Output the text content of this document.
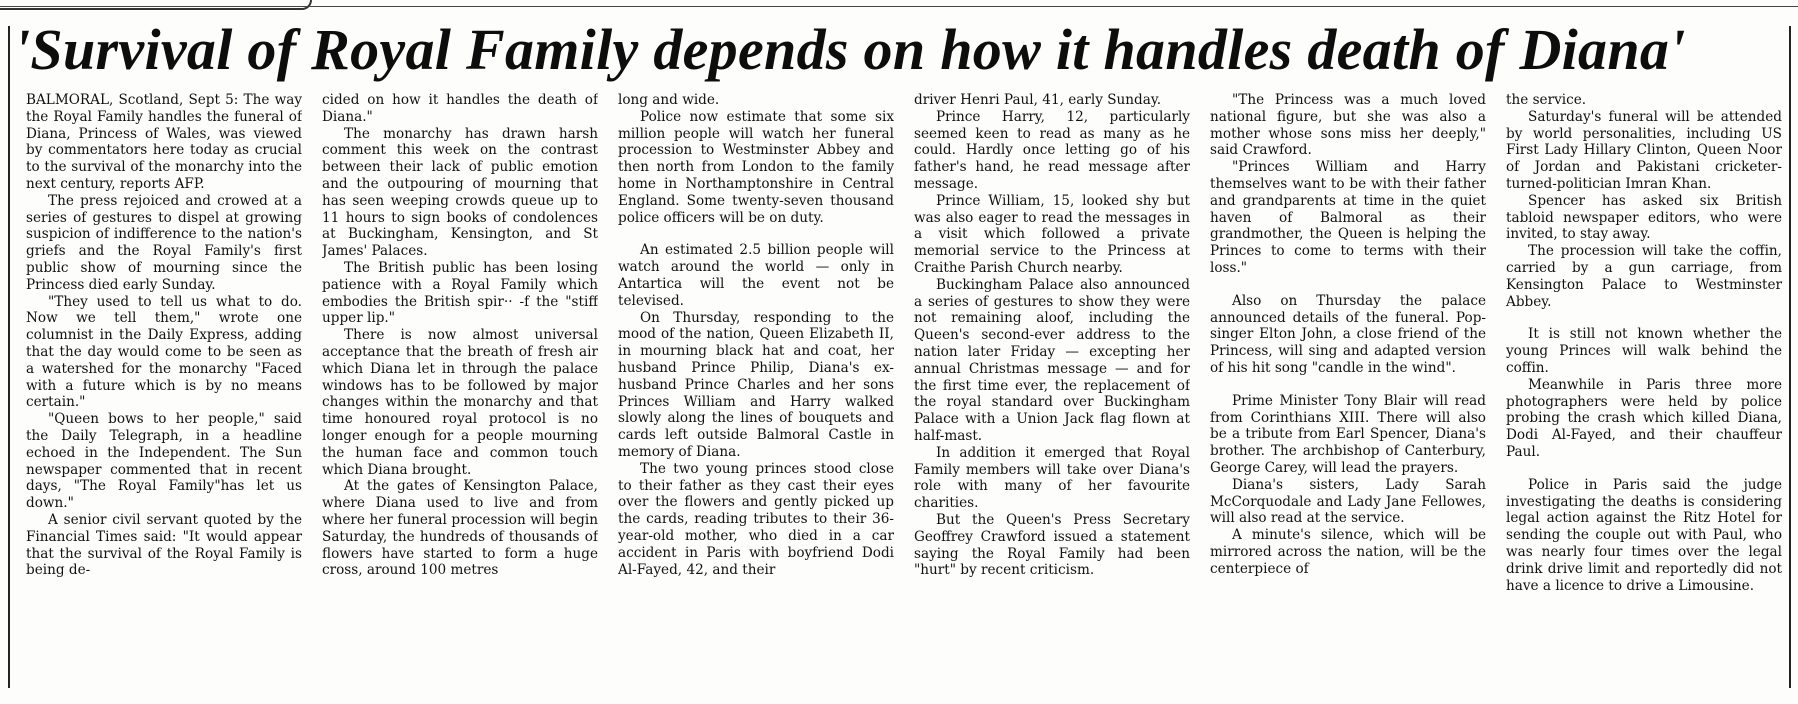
'Survival of Royal Family depends on how it handles death of Diana'

BALMORAL, Scotland, Sept 5: The way the Royal Family handles the funeral of Diana, Princess of Wales, was viewed by commentators here today as crucial to the survival of the monarchy into the next century, reports AFP.

The press rejoiced and crowed at a series of gestures to dispel at growing suspicion of indifference to the nation's griefs and the Royal Family's first public show of mourning since the Princess died early Sunday.

"They used to tell us what to do. Now we tell them," wrote one columnist in the Daily Express, adding that the day would come to be seen as a watershed for the monarchy "Faced with a future which is by no means certain."

"Queen bows to her people," said the Daily Telegraph, in a headline echoed in the Independent. The Sun newspaper commented that in recent days, "The Royal Family"has let us down."

A senior civil servant quoted by the Financial Times said: "It would appear that the survival of the Royal Family is being de-

cided on how it handles the death of Diana."

The monarchy has drawn harsh comment this week on the contrast between their lack of public emotion and the outpouring of mourning that has seen weeping crowds queue up to 11 hours to sign books of condolences at Buckingham, Kensington, and St James' Palaces.

The British public has been losing patience with a Royal Family which embodies the British spir·· -f the "stiff upper lip."

There is now almost universal acceptance that the breath of fresh air which Diana let in through the palace windows has to be followed by major changes within the monarchy and that time honoured royal protocol is no longer enough for a people mourning the human face and common touch which Diana brought.

At the gates of Kensington Palace, where Diana used to live and from where her funeral procession will begin Saturday, the hundreds of thousands of flowers have started to form a huge cross, around 100 metres

long and wide.

Police now estimate that some six million people will watch her funeral procession to Westminster Abbey and then north from London to the family home in Northamptonshire in Central England. Some twenty-seven thousand police officers will be on duty.

An estimated 2.5 billion people will watch around the world — only in Antartica will the event not be televised.

On Thursday, responding to the mood of the nation, Queen Elizabeth II, in mourning black hat and coat, her husband Prince Philip, Diana's ex-husband Prince Charles and her sons Princes William and Harry walked slowly along the lines of bouquets and cards left outside Balmoral Castle in memory of Diana.

The two young princes stood close to their father as they cast their eyes over the flowers and gently picked up the cards, reading tributes to their 36-year-old mother, who died in a car accident in Paris with boyfriend Dodi Al-Fayed, 42, and their

driver Henri Paul, 41, early Sunday.

Prince Harry, 12, particularly seemed keen to read as many as he could. Hardly once letting go of his father's hand, he read message after message.

Prince William, 15, looked shy but was also eager to read the messages in a visit which followed a private memorial service to the Princess at Craithe Parish Church nearby.

Buckingham Palace also announced a series of gestures to show they were not remaining aloof, including the Queen's second-ever address to the nation later Friday — excepting her annual Christmas message — and for the first time ever, the replacement of the royal standard over Buckingham Palace with a Union Jack flag flown at half-mast.

In addition it emerged that Royal Family members will take over Diana's role with many of her favourite charities.

But the Queen's Press Secretary Geoffrey Crawford issued a statement saying the Royal Family had been "hurt" by recent criticism.

"The Princess was a much loved national figure, but she was also a mother whose sons miss her deeply," said Crawford.

"Princes William and Harry themselves want to be with their father and grandparents at time in the quiet haven of Balmoral as their grandmother, the Queen is helping the Princes to come to terms with their loss."

Also on Thursday the palace announced details of the funeral. Pop-singer Elton John, a close friend of the Princess, will sing and adapted version of his hit song "candle in the wind".

Prime Minister Tony Blair will read from Corinthians XIII. There will also be a tribute from Earl Spencer, Diana's brother. The archbishop of Canterbury, George Carey, will lead the prayers.

Diana's sisters, Lady Sarah McCorquodale and Lady Jane Fellowes, will also read at the service.

A minute's silence, which will be mirrored across the nation, will be the centerpiece of

the service.

Saturday's funeral will be attended by world personalities, including US First Lady Hillary Clinton, Queen Noor of Jordan and Pakistani cricketer-turned-politician Imran Khan.

Spencer has asked six British tabloid newspaper editors, who were invited, to stay away.

The procession will take the coffin, carried by a gun carriage, from Kensington Palace to Westminster Abbey.

It is still not known whether the young Princes will walk behind the coffin.

Meanwhile in Paris three more photographers were held by police probing the crash which killed Diana, Dodi Al-Fayed, and their chauffeur Paul.

Police in Paris said the judge investigating the deaths is considering legal action against the Ritz Hotel for sending the couple out with Paul, who was nearly four times over the legal drink drive limit and reportedly did not have a licence to drive a Limousine.
